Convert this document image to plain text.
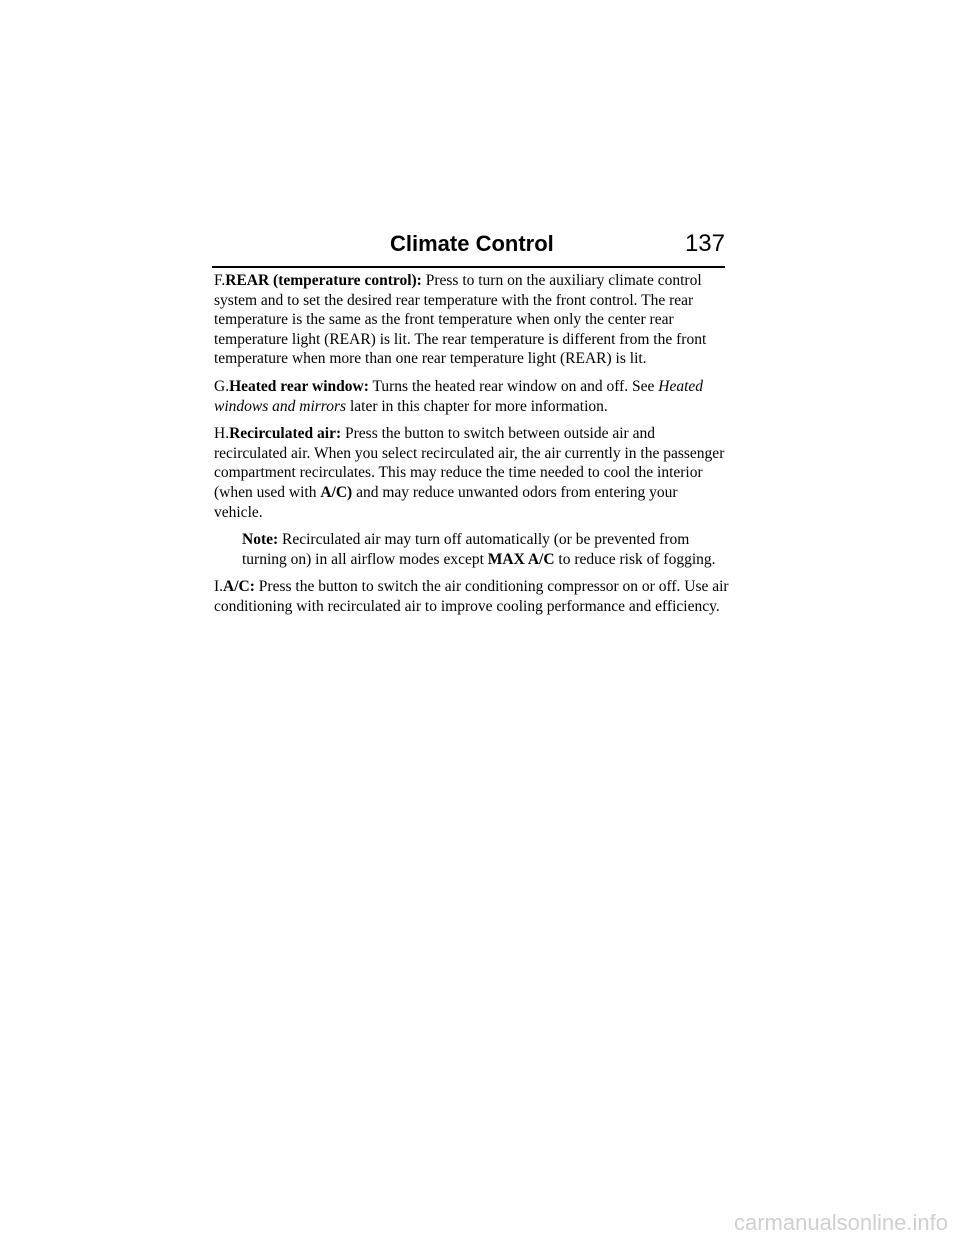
Climate Control	137

F.REAR (temperature control): Press to turn on the auxiliary climate control system and to set the desired rear temperature with the front control. The rear temperature is the same as the front temperature when only the center rear temperature light (REAR) is lit. The rear temperature is different from the front temperature when more than one rear temperature light (REAR) is lit.

G.Heated rear window: Turns the heated rear window on and off. See Heated windows and mirrors later in this chapter for more information.

H.Recirculated air: Press the button to switch between outside air and recirculated air. When you select recirculated air, the air currently in the passenger compartment recirculates. This may reduce the time needed to cool the interior (when used with A/C) and may reduce unwanted odors from entering your vehicle.

Note: Recirculated air may turn off automatically (or be prevented from turning on) in all airflow modes except MAX A/C to reduce risk of fogging.

I.A/C: Press the button to switch the air conditioning compressor on or off. Use air conditioning with recirculated air to improve cooling performance and efficiency.

carmanualsonline.info
